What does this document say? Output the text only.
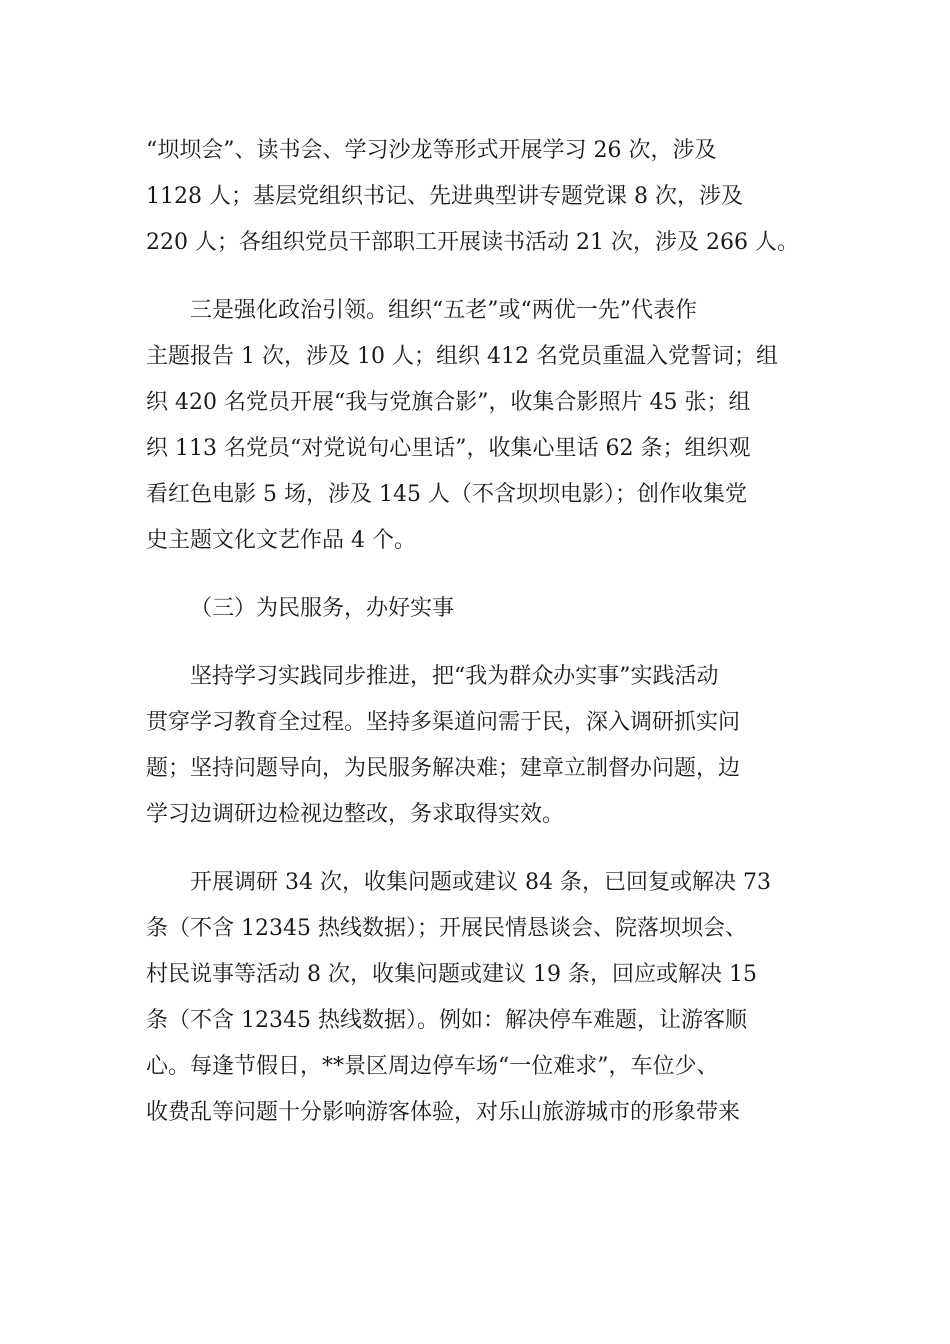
“坝坝会”、读书会、学习沙龙等形式开展学习 26 次，涉及
1128 人；基层党组织书记、先进典型讲专题党课 8 次，涉及
220 人；各组织党员干部职工开展读书活动 21 次，涉及 266 人。
三是强化政治引领。组织“五老”或“两优一先”代表作
主题报告 1 次，涉及 10 人；组织 412 名党员重温入党誓词；组
织 420 名党员开展“我与党旗合影”，收集合影照片 45 张；组
织 113 名党员“对党说句心里话”，收集心里话 62 条；组织观
看红色电影 5 场，涉及 145 人（不含坝坝电影）；创作收集党
史主题文化文艺作品 4 个。
（三）为民服务，办好实事
坚持学习实践同步推进，把“我为群众办实事”实践活动
贯穿学习教育全过程。坚持多渠道问需于民，深入调研抓实问
题；坚持问题导向，为民服务解决难；建章立制督办问题，边
学习边调研边检视边整改，务求取得实效。
开展调研 34 次，收集问题或建议 84 条，已回复或解决 73
条（不含 12345 热线数据）；开展民情恳谈会、院落坝坝会、
村民说事等活动 8 次，收集问题或建议 19 条，回应或解决 15
条（不含 12345 热线数据）。例如：解决停车难题，让游客顺
心。每逢节假日，**景区周边停车场“一位难求”，车位少、
收费乱等问题十分影响游客体验，对乐山旅游城市的形象带来
